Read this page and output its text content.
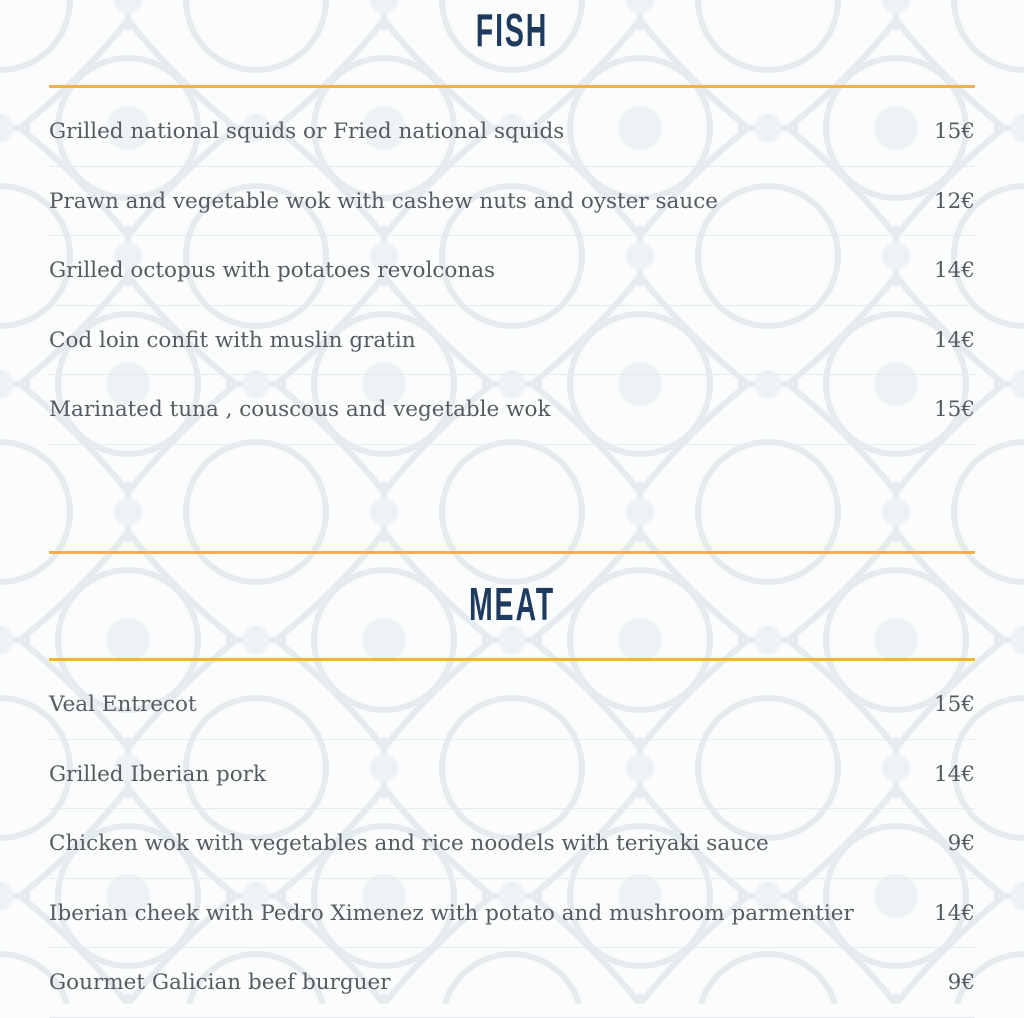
FISH
Grilled national squids or Fried national squids	15€
Prawn and vegetable wok with cashew nuts and oyster sauce	12€
Grilled octopus with potatoes revolconas	14€
Cod loin confit with muslin gratin	14€
Marinated tuna , couscous and vegetable wok	15€
MEAT
Veal Entrecot	15€
Grilled Iberian pork	14€
Chicken wok with vegetables and rice noodels with teriyaki sauce	9€
Iberian cheek with Pedro Ximenez with potato and mushroom parmentier	14€
Gourmet Galician beef burguer	9€
